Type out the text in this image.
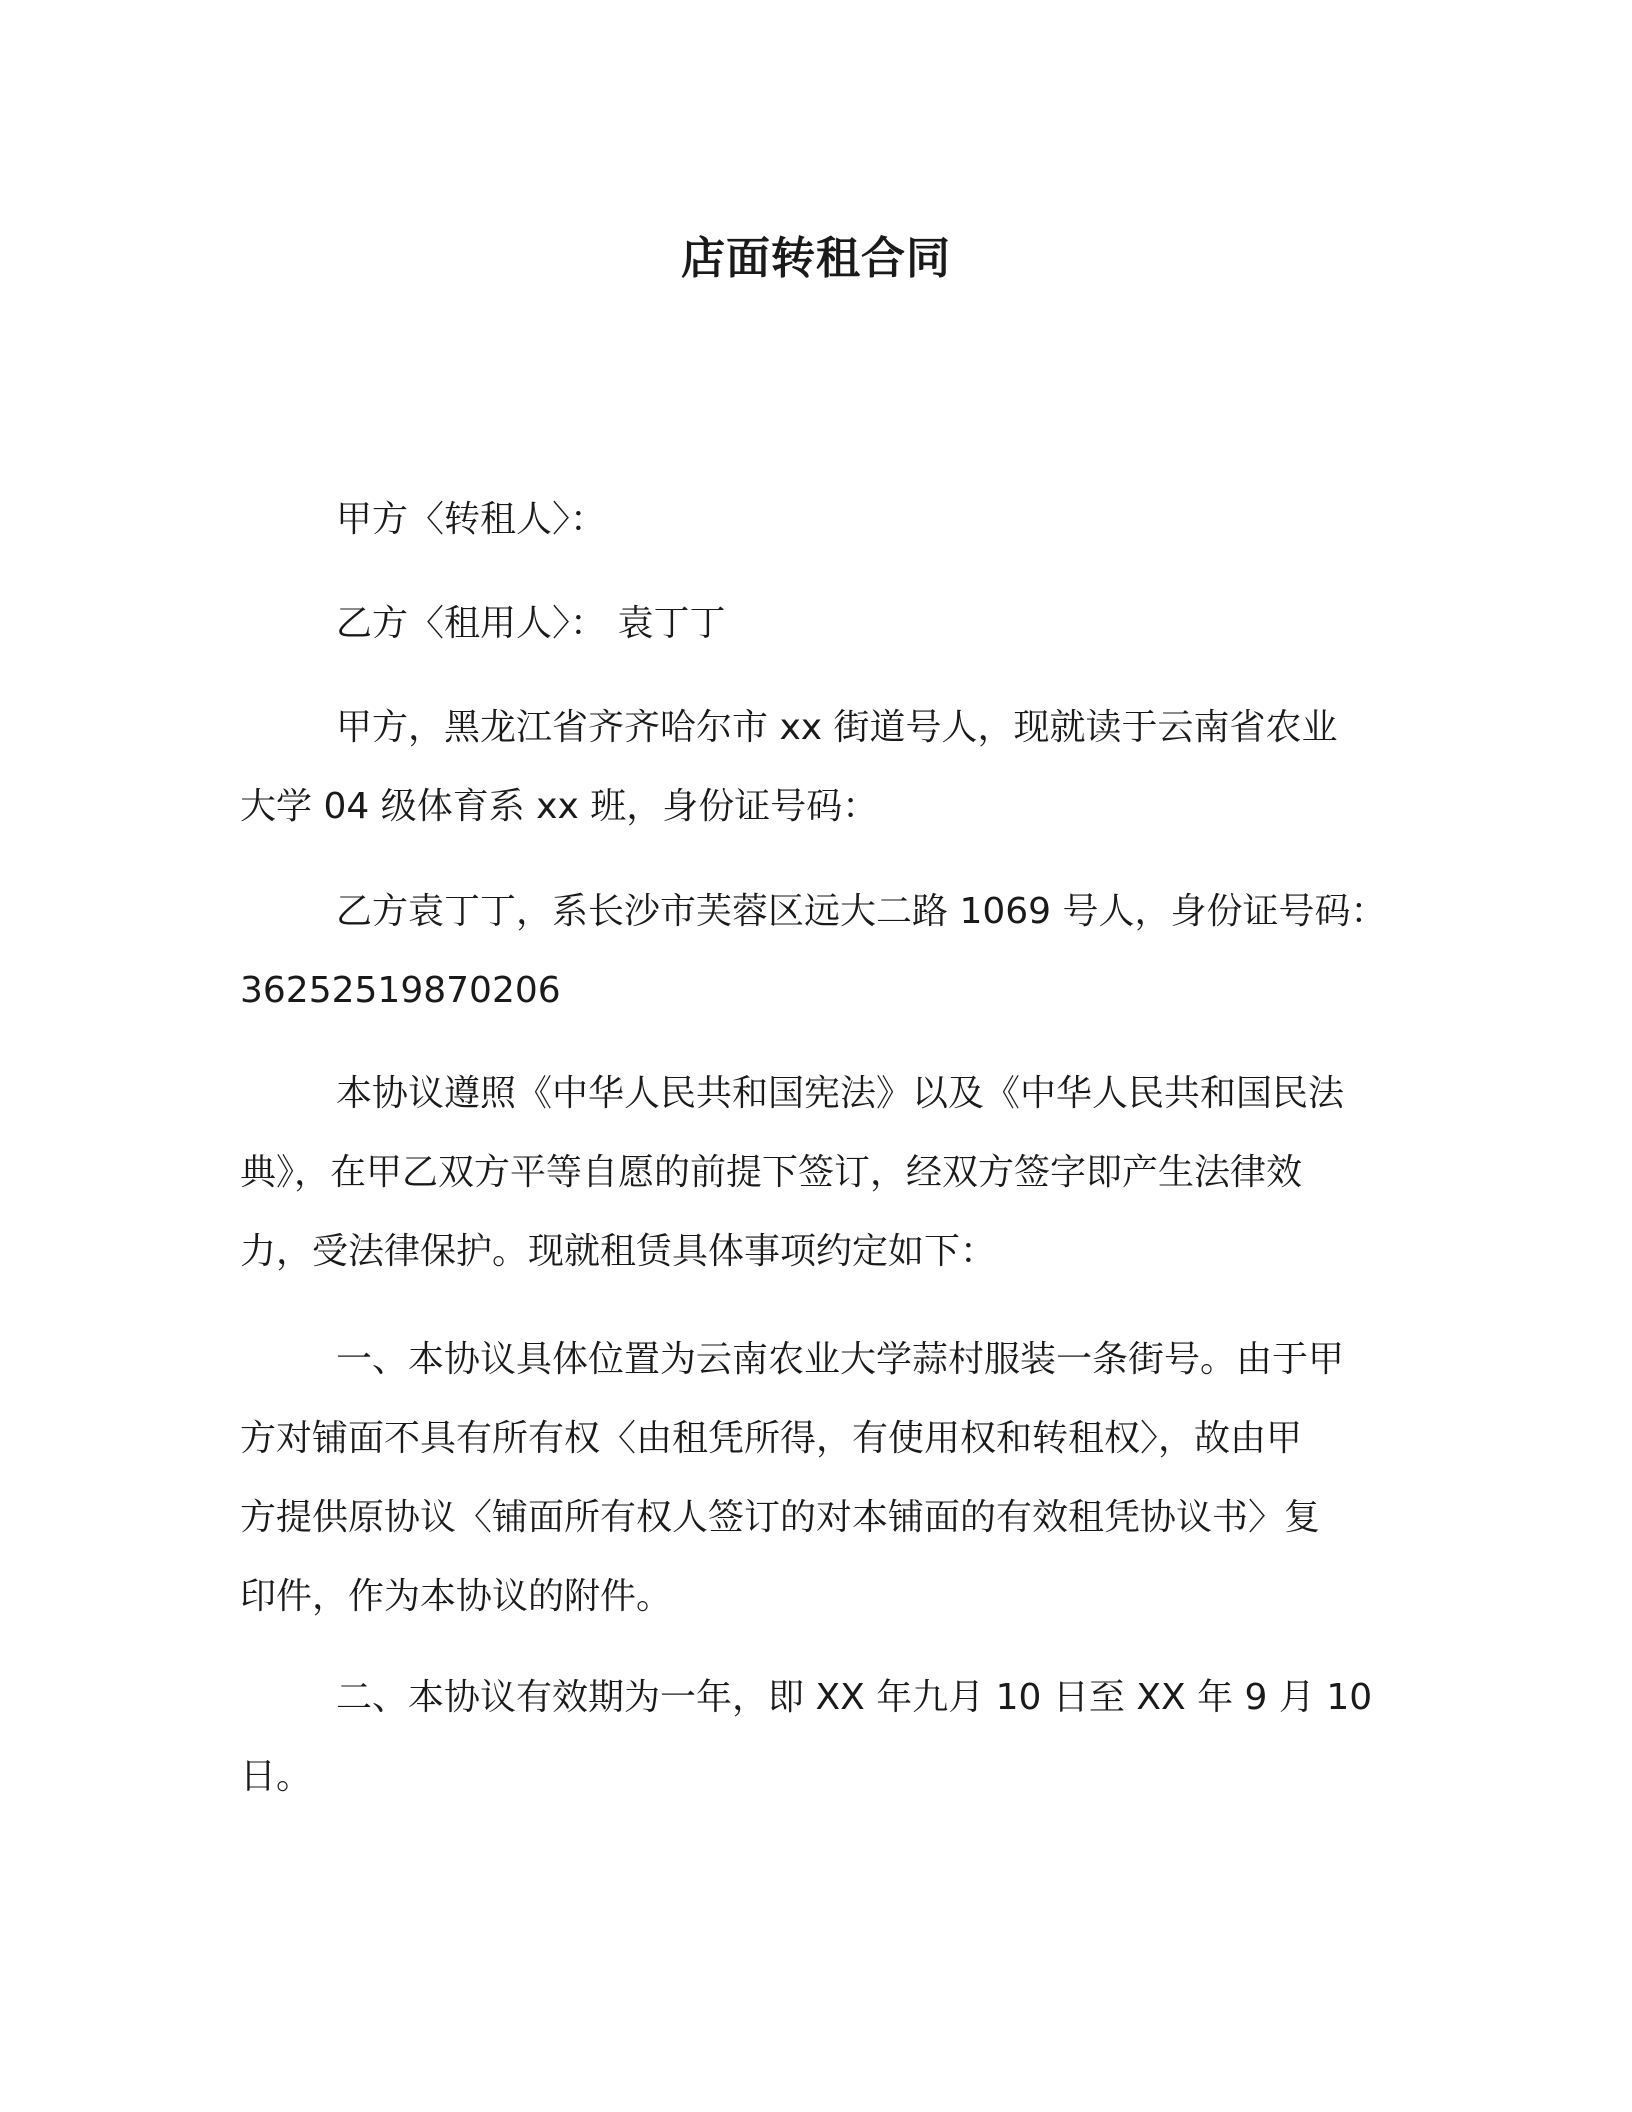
店面转租合同
甲方〈转租人〉：
乙方〈租用人〉： 袁丁丁
甲方，黑龙江省齐齐哈尔市 xx 街道号人，现就读于云南省农业
大学 04 级体育系 xx 班，身份证号码：
乙方袁丁丁，系长沙市芙蓉区远大二路 1069 号人，身份证号码：
36252519870206
本协议遵照《中华人民共和国宪法》以及《中华人民共和国民法
典》，在甲乙双方平等自愿的前提下签订，经双方签字即产生法律效
力，受法律保护。现就租赁具体事项约定如下：
一、本协议具体位置为云南农业大学蒜村服装一条街号。由于甲
方对铺面不具有所有权〈由租凭所得，有使用权和转租权〉，故由甲
方提供原协议〈铺面所有权人签订的对本铺面的有效租凭协议书〉复
印件，作为本协议的附件。
二、本协议有效期为一年，即 XX 年九月 10 日至 XX 年 9 月 10
日。
